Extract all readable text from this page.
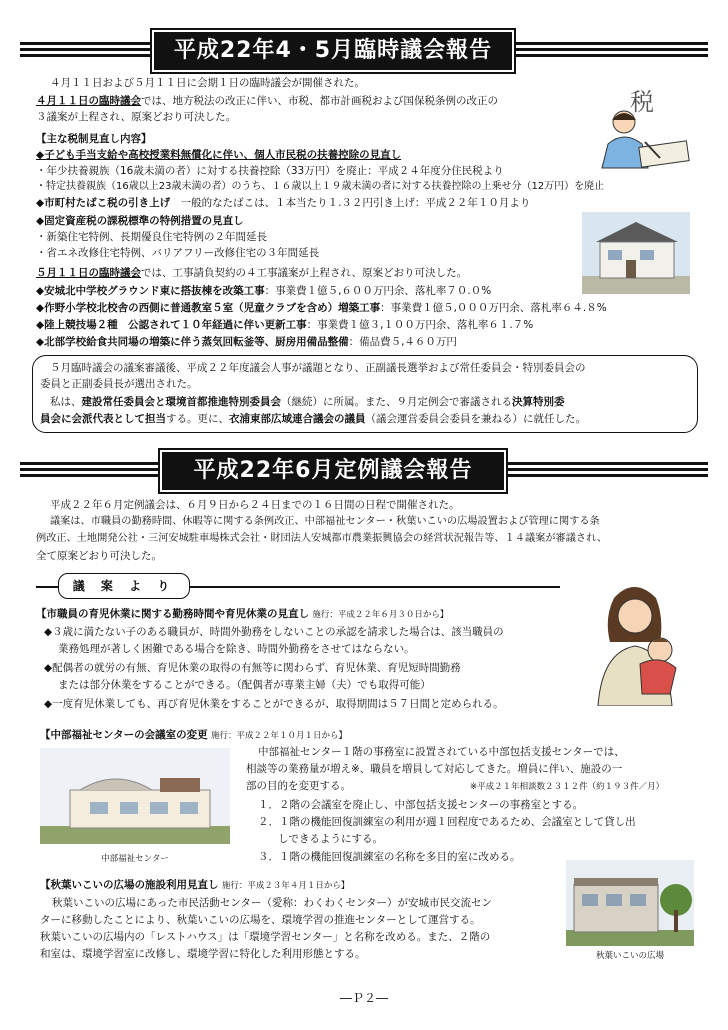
平成22年4・5月臨時議会報告
４月１１日および５月１１日に会期１日の臨時議会が開催された。
４月１１日の臨時議会では、地方税法の改正に伴い、市税、都市計画税および国保税条例の改正の
３議案が上程され、原案どおり可決した。
【主な税制見直し内容】
◆子ども手当支給や高校授業料無償化に伴い、個人市民税の扶養控除の見直し
・年少扶養親族（16歳未満の者）に対する扶養控除（33万円）を廃止：平成２４年度分住民税より
・特定扶養親族（16歳以上23歳未満の者）のうち、１６歳以上１９歳未満の者に対する扶養控除の上乗せ分（12万円）を廃止
◆市町村たばこ税の引き上げ　 一般的なたばこは、１本当たり１.３２円引き上げ：平成２２年１０月より
◆固定資産税の課税標準の特例措置の見直し
・新築住宅特例、長期優良住宅特例の２年間延長
・省エネ改修住宅特例、バリアフリー改修住宅の３年間延長
５月１１日の臨時議会では、工事請負契約の４工事議案が上程され、原案どおり可決した。
◆安城北中学校グラウンド東に搭抜棟を改築工事：事業費１億５,６００万円余、落札率７０.０%
◆作野小学校北校舎の西側に普通教室５室（児童クラブを含め）増築工事：事業費１億５,０００万円余、落札率６４.８%
◆陸上競技場２種　公認されて１０年経過に伴い更新工事：事業費１億３,１００万円余、落札率６１.７%
◆北部学校給食共同場の増築に伴う蒸気回転釜等、厨房用備品整備：備品費５,４６０万円
税
５月臨時議会の議案審議後、平成２２年度議会人事が議題となり、正副議長選挙および常任委員会・特別委員会の
委員と正副委員長が選出された。
私は、建設常任委員会と環境首都推進特別委員会（継続）に所属。また、９月定例会で審議される決算特別委
員会に会派代表として担当する。更に、衣浦東部広域連合議会の議員（議会運営委員会委員を兼ねる）に就任した。
平成22年6月定例議会報告
平成２２年６月定例議会は、６月９日から２４日までの１６日間の日程で開催された。
議案は、市職員の勤務時間、休暇等に関する条例改正、中部福祉センター・秋葉いこいの広場設置および管理に関する条
例改正、土地開発公社・三河安城駐車場株式会社・財団法人安城都市農業振興協会の経営状況報告等、１４議案が審議され、
全て原案どおり可決した。
議 案 よ り
【市職員の育児休業に関する勤務時間や育児休業の見直し 施行：平成２２年６月３０日から】
◆３歳に満たない子のある職員が、時間外勤務をしないことの承認を請求した場合は、該当職員の
業務処理が著しく困難である場合を除き、時間外勤務をさせてはならない。
◆配偶者の就労の有無、育児休業の取得の有無等に関わらず、育児休業、育児短時間勤務
または部分休業をすることができる。（配偶者が専業主婦（夫）でも取得可能）
◆一度育児休業しても、再び育児休業をすることができるが、取得期間は５７日間と定められる。
【中部福祉センターの会議室の変更 施行：平成２２年１０月１日から】
中部福祉センター
中部福祉センター１階の事務室に設置されている中部包括支援センターでは、
相談等の業務量が増え※、職員を増員して対応してきた。増員に伴い、施設の一
部の目的を変更する。	※平成２１年相談数２３１２件（約１９３件／月）
１．２階の会議室を廃止し、中部包括支援センターの事務室とする。
２．１階の機能回復訓練室の利用が週１回程度であるため、会議室として貸し出
しできるようにする。
３．１階の機能回復訓練室の名称を多目的室に改める。
【秋葉いこいの広場の施設利用見直し 施行：平成２３年４月１日から】
秋葉いこいの広場にあった市民活動センター（愛称：わくわくセンター）が安城市民交流セン
ターに移動したことにより、秋葉いこいの広場を、環境学習の推進センターとして運営する。
秋葉いこいの広場内の「レストハウス」は「環境学習センター」と名称を改める。また、２階の
和室は、環境学習室に改修し、環境学習に特化した利用形態とする。	秋葉いこいの広場
―Ｐ２―
